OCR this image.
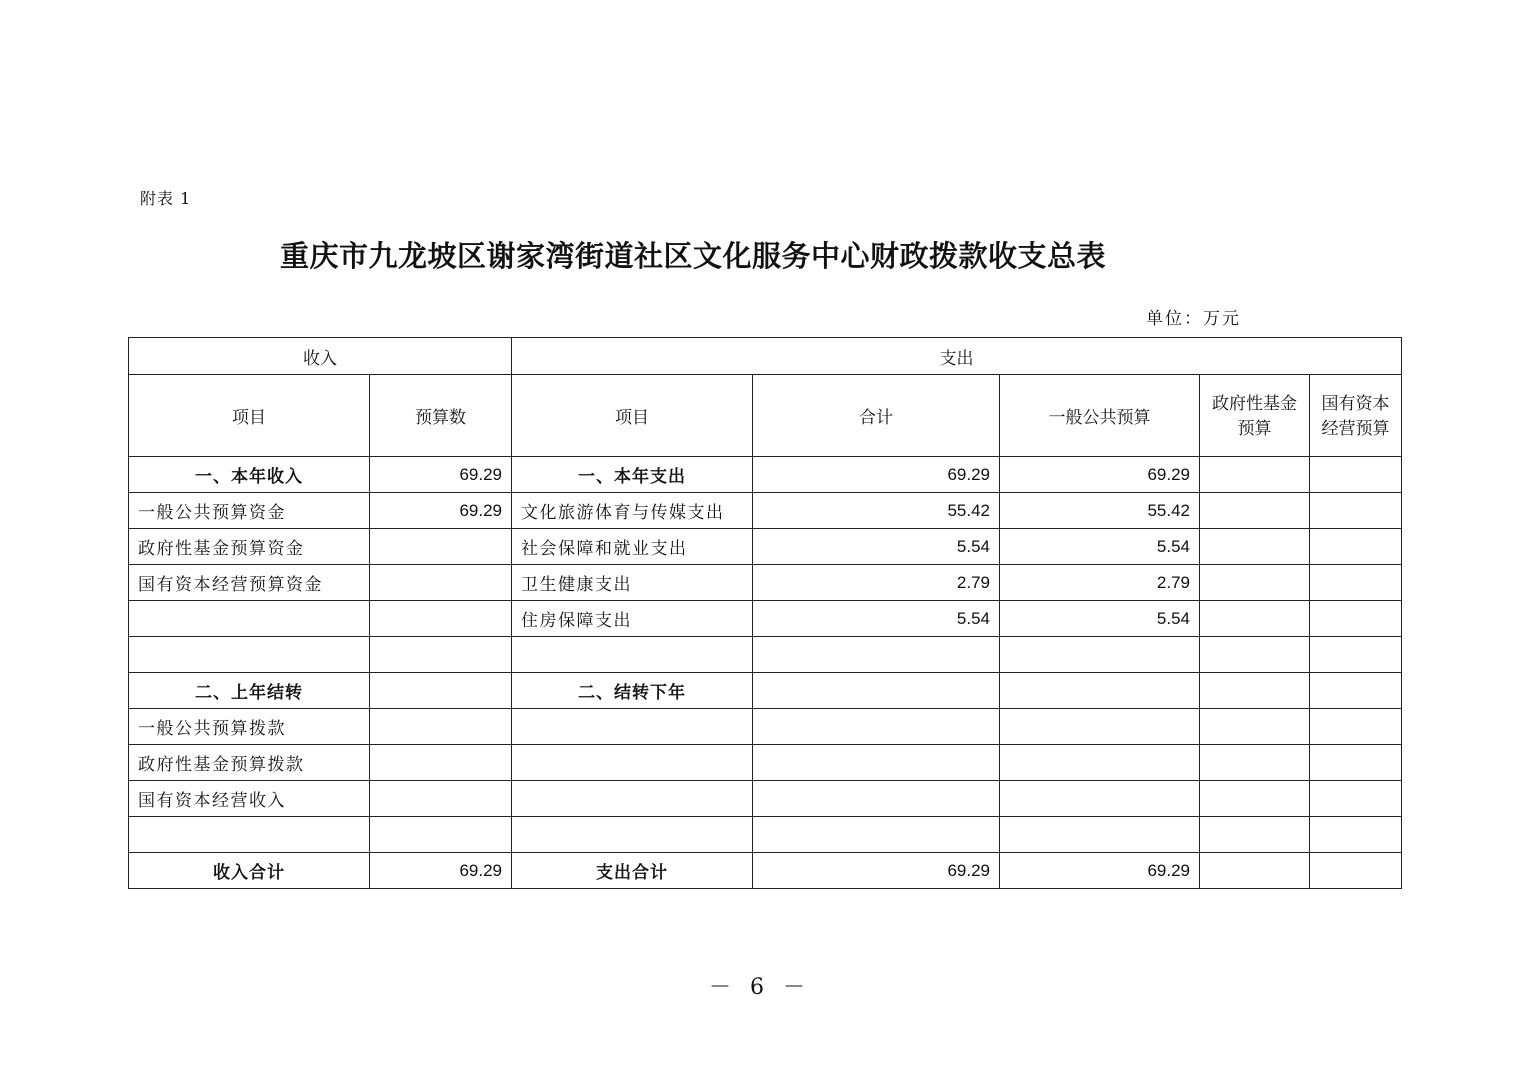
附表 1
重庆市九龙坡区谢家湾街道社区文化服务中心财政拨款收支总表
单位：万元
收入		支出				
项目	预算数	项目	合计	一般公共预算	政府性基金预算	国有资本经营预算
一、本年收入	69.29	一、本年支出	69.29	69.29		
一般公共预算资金	69.29	文化旅游体育与传媒支出	55.42	55.42		
政府性基金预算资金		社会保障和就业支出	5.54	5.54		
国有资本经营预算资金		卫生健康支出	2.79	2.79		
		住房保障支出	5.54	5.54		

二、上年结转		二、结转下年				
一般公共预算拨款						
政府性基金预算拨款						
国有资本经营收入						

收入合计	69.29	支出合计	69.29	69.29		
－ 6 －
